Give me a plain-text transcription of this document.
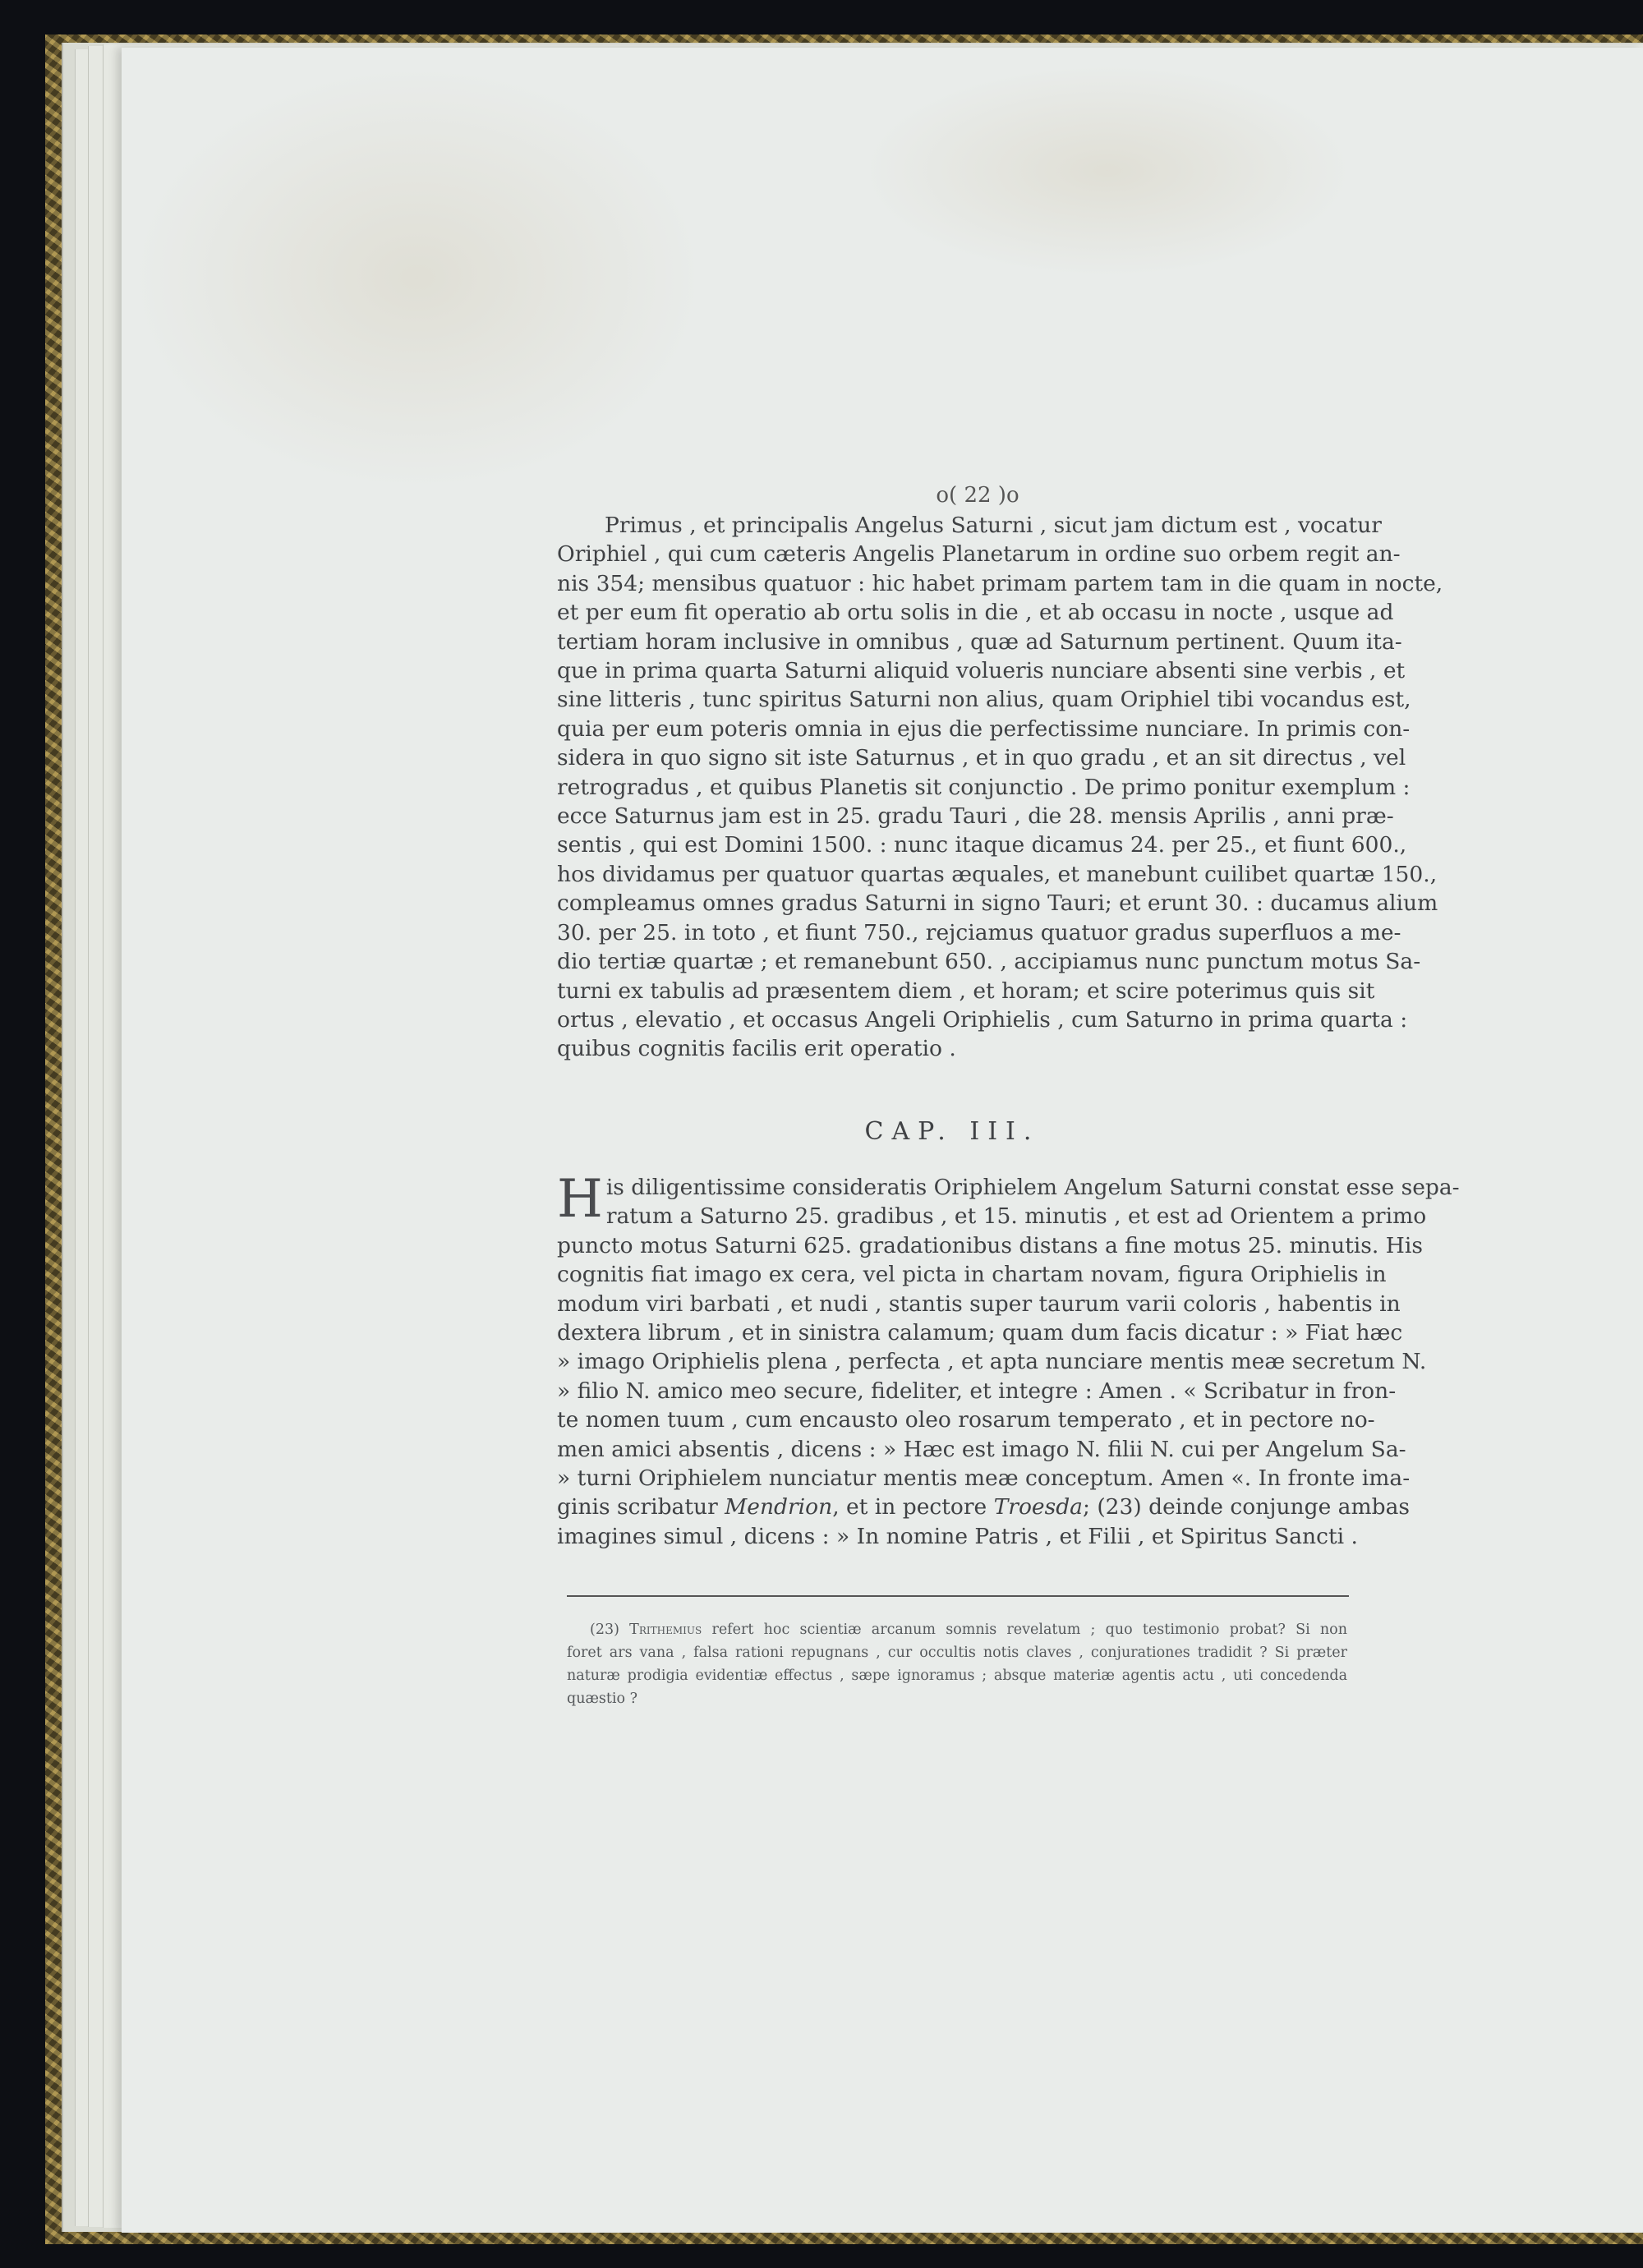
o( 22 )o
Primus , et principalis Angelus Saturni , sicut jam dictum est , vocatur
Oriphiel , qui cum cæteris Angelis Planetarum in ordine suo orbem regit an-
nis 354; mensibus quatuor : hic habet primam partem tam in die quam in nocte,
et per eum fit operatio ab ortu solis in die , et ab occasu in nocte , usque ad
tertiam horam inclusive in omnibus , quæ ad Saturnum pertinent. Quum ita-
que in prima quarta Saturni aliquid volueris nunciare absenti sine verbis , et
sine litteris , tunc spiritus Saturni non alius, quam Oriphiel tibi vocandus est,
quia per eum poteris omnia in ejus die perfectissime nunciare. In primis con-
sidera in quo signo sit iste Saturnus , et in quo gradu , et an sit directus , vel
retrogradus , et quibus Planetis sit conjunctio . De primo ponitur exemplum :
ecce Saturnus jam est in 25. gradu Tauri , die 28. mensis Aprilis , anni præ-
sentis , qui est Domini 1500. : nunc itaque dicamus 24. per 25., et fiunt 600.,
hos dividamus per quatuor quartas æquales, et manebunt cuilibet quartæ 150.,
compleamus omnes gradus Saturni in signo Tauri; et erunt 30. : ducamus alium
30. per 25. in toto , et fiunt 750., rejciamus quatuor gradus superfluos a me-
dio tertiæ quartæ ; et remanebunt 650. , accipiamus nunc punctum motus Sa-
turni ex tabulis ad præsentem diem , et horam; et scire poterimus quis sit
ortus , elevatio , et occasus Angeli Oriphielis , cum Saturno in prima quarta :
quibus cognitis facilis erit operatio .
CAP. III.
H is diligentissime consideratis Oriphielem Angelum Saturni constat esse sepa-
ratum a Saturno 25. gradibus , et 15. minutis , et est ad Orientem a primo
puncto motus Saturni 625. gradationibus distans a fine motus 25. minutis. His
cognitis fiat imago ex cera, vel picta in chartam novam, figura Oriphielis in
modum viri barbati , et nudi , stantis super taurum varii coloris , habentis in
dextera librum , et in sinistra calamum; quam dum facis dicatur : » Fiat hæc
» imago Oriphielis plena , perfecta , et apta nunciare mentis meæ secretum N.
» filio N. amico meo secure, fideliter, et integre : Amen . « Scribatur in fron-
te nomen tuum , cum encausto oleo rosarum temperato , et in pectore no-
men amici absentis , dicens : » Hæc est imago N. filii N. cui per Angelum Sa-
» turni Oriphielem nunciatur mentis meæ conceptum. Amen «. In fronte ima-
ginis scribatur Mendrion, et in pectore Troesda; (23) deinde conjunge ambas
imagines simul , dicens : » In nomine Patris , et Filii , et Spiritus Sancti .
(23) Trithemius refert hoc scientiæ arcanum somnis revelatum ; quo testimonio probat? Si non
foret ars vana , falsa rationi repugnans , cur occultis notis claves , conjurationes tradidit ? Si præter
naturæ prodigia evidentiæ effectus , sæpe ignoramus ; absque materiæ agentis actu , uti concedenda
quæstio ?
